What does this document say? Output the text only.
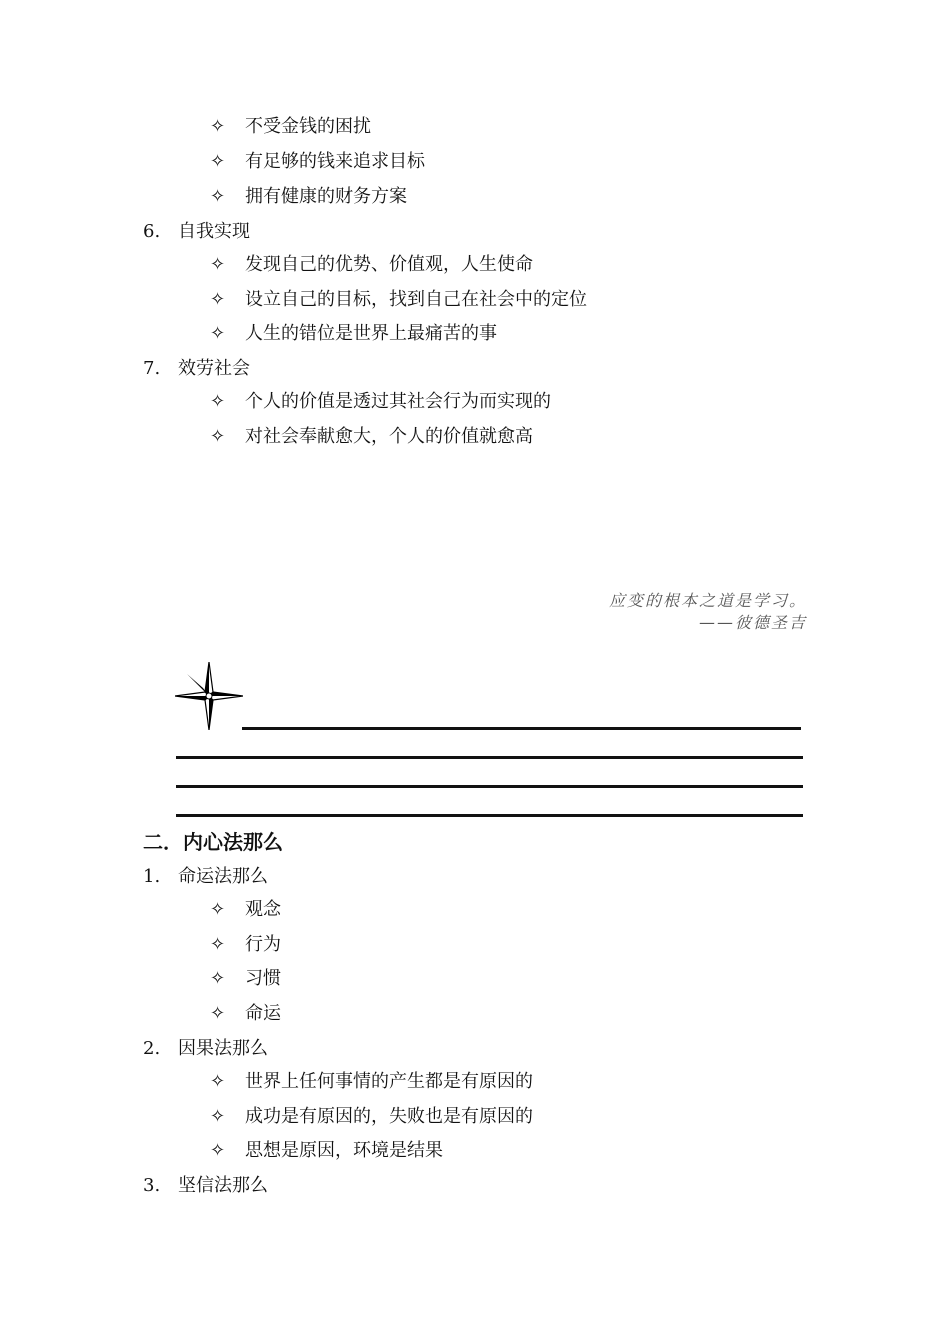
✧ 不受金钱的困扰
✧ 有足够的钱来追求目标
✧ 拥有健康的财务方案
6. 自我实现
✧ 发现自己的优势、价值观，人生使命
✧ 设立自己的目标，找到自己在社会中的定位
✧ 人生的错位是世界上最痛苦的事
7. 效劳社会
✧ 个人的价值是透过其社会行为而实现的
✧ 对社会奉献愈大，个人的价值就愈高
应变的根本之道是学习。
——彼德圣吉
二．内心法那么
1. 命运法那么
✧ 观念
✧ 行为
✧ 习惯
✧ 命运
2. 因果法那么
✧ 世界上任何事情的产生都是有原因的
✧ 成功是有原因的，失败也是有原因的
✧ 思想是原因，环境是结果
3. 坚信法那么
